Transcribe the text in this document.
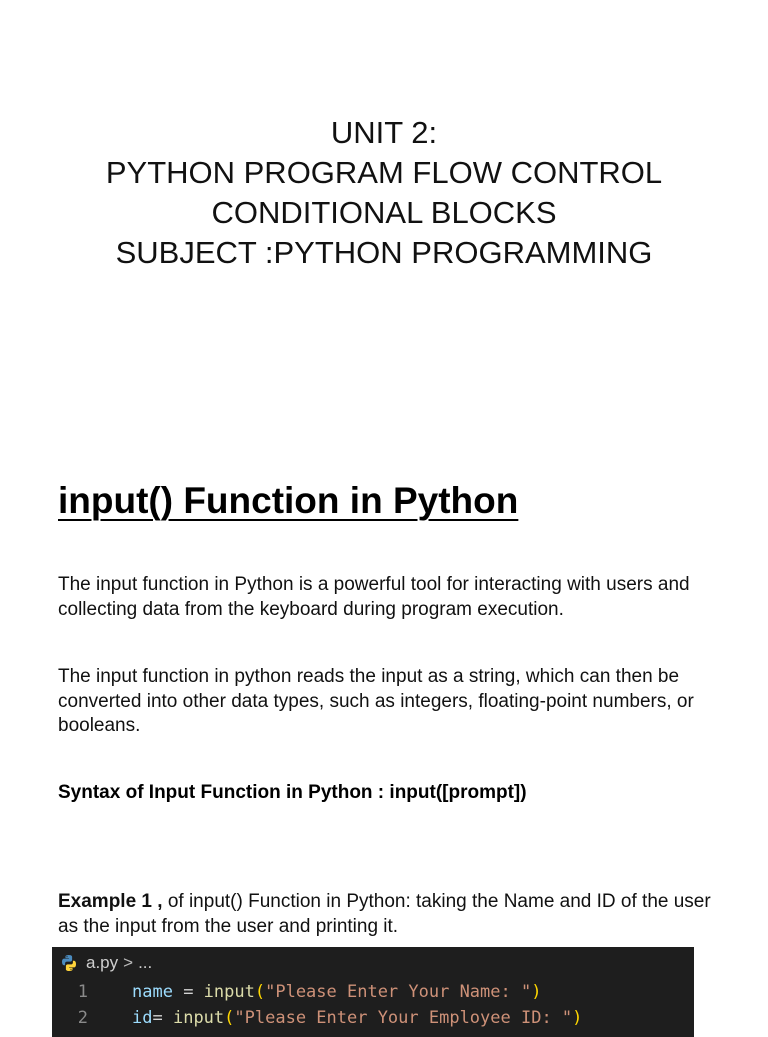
UNIT 2:
PYTHON PROGRAM FLOW CONTROL
CONDITIONAL BLOCKS
SUBJECT :PYTHON PROGRAMMING
input() Function in Python
The input function in Python is a powerful tool for interacting with users and collecting data from the keyboard during program execution.
The input function in python reads the input as a string, which can then be converted into other data types, such as integers, floating-point numbers, or booleans.
Syntax of Input Function in Python : input([prompt])
Example 1 , of input() Function in Python: taking the Name and ID of the user as the input from the user and printing it.
a.py > ...
1	name = input ( "Please Enter Your Name: " )
2	id = input ( "Please Enter Your Employee ID: " )
